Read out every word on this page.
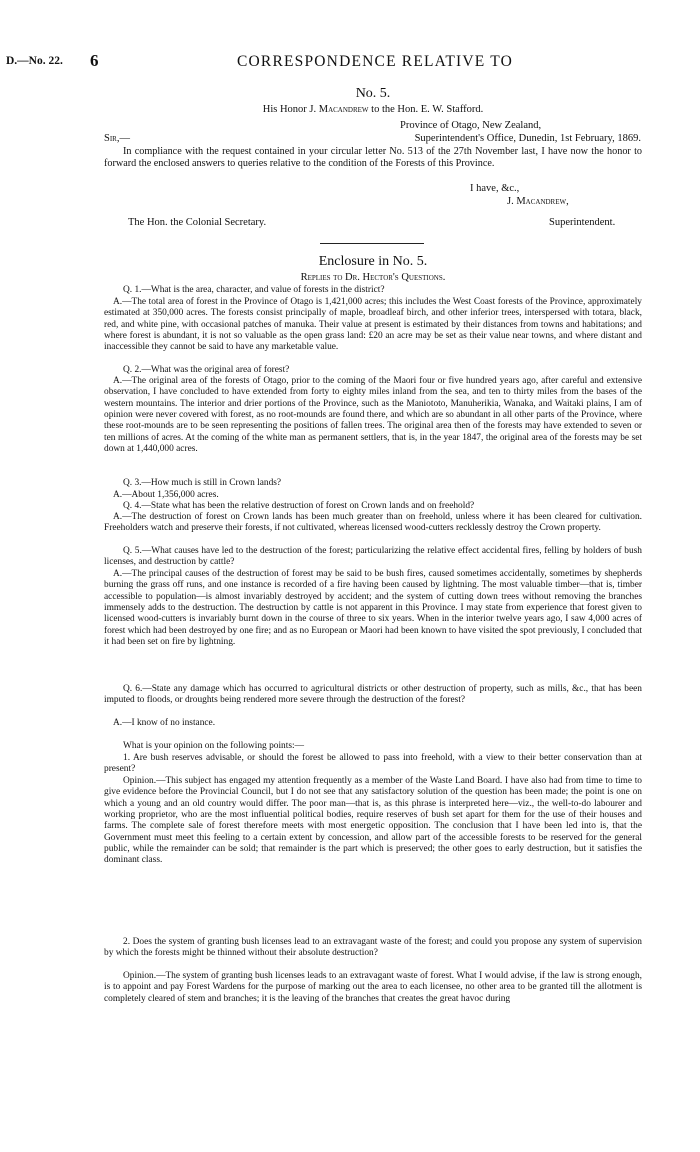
D.—No. 22. 6	CORRESPONDENCE RELATIVE TO
No. 5.
His Honor J. Macandrew to the Hon. E. W. Stafford.
Province of Otago, New Zealand,
Sir,—	Superintendent's Office, Dunedin, 1st February, 1869.

In compliance with the request contained in your circular letter No. 513 of the 27th November last, I have now the honor to forward the enclosed answers to queries relative to the condition of the Forests of this Province.

I have, &c.,
J. Macandrew,
The Hon. the Colonial Secretary.	Superintendent.
Enclosure in No. 5.
Replies to Dr. Hector's Questions.

Q. 1.—What is the area, character, and value of forests in the district?

A.—The total area of forest in the Province of Otago is 1,421,000 acres; this includes the West Coast forests of the Province, approximately estimated at 350,000 acres. The forests consist principally of maple, broadleaf birch, and other inferior trees, interspersed with totara, black, red, and white pine, with occasional patches of manuka. Their value at present is estimated by their distances from towns and habitations; and where forest is abundant, it is not so valuable as the open grass land: £20 an acre may be set as their value near towns, and where distant and inaccessible they cannot be said to have any marketable value.

Q. 2.—What was the original area of forest?

A.—The original area of the forests of Otago, prior to the coming of the Maori four or five hundred years ago, after careful and extensive observation, I have concluded to have extended from forty to eighty miles inland from the sea, and ten to thirty miles from the bases of the western mountains. The interior and drier portions of the Province, such as the Maniototo, Manuherikia, Wanaka, and Waitaki plains, I am of opinion were never covered with forest, as no root-mounds are found there, and which are so abundant in all other parts of the Province, where these root-mounds are to be seen representing the positions of fallen trees. The original area then of the forests may have extended to seven or ten millions of acres. At the coming of the white man as permanent settlers, that is, in the year 1847, the original area of the forests may be set down at 1,440,000 acres.

Q. 3.—How much is still in Crown lands?

A.—About 1,356,000 acres.

Q. 4.—State what has been the relative destruction of forest on Crown lands and on freehold?

A.—The destruction of forest on Crown lands has been much greater than on freehold, unless where it has been cleared for cultivation. Freeholders watch and preserve their forests, if not cultivated, whereas licensed wood-cutters recklessly destroy the Crown property.

Q. 5.—What causes have led to the destruction of the forest; particularizing the relative effect accidental fires, felling by holders of bush licenses, and destruction by cattle?

A.—The principal causes of the destruction of forest may be said to be bush fires, caused sometimes accidentally, sometimes by shepherds burning the grass off runs, and one instance is recorded of a fire having been caused by lightning. The most valuable timber—that is, timber accessible to population—is almost invariably destroyed by accident; and the system of cutting down trees without removing the branches immensely adds to the destruction. The destruction by cattle is not apparent in this Province. I may state from experience that forest given to licensed wood-cutters is invariably burnt down in the course of three to six years. When in the interior twelve years ago, I saw 4,000 acres of forest which had been destroyed by one fire; and as no European or Maori had been known to have visited the spot previously, I concluded that it had been set on fire by lightning.

Q. 6.—State any damage which has occurred to agricultural districts or other destruction of property, such as mills, &c., that has been imputed to floods, or droughts being rendered more severe through the destruction of the forest?

A.—I know of no instance.

What is your opinion on the following points:—

1. Are bush reserves advisable, or should the forest be allowed to pass into freehold, with a view to their better conservation than at present?

Opinion.—This subject has engaged my attention frequently as a member of the Waste Land Board. I have also had from time to time to give evidence before the Provincial Council, but I do not see that any satisfactory solution of the question has been made; the point is one on which a young and an old country would differ. The poor man—that is, as this phrase is interpreted here—viz., the well-to-do labourer and working proprietor, who are the most influential political bodies, require reserves of bush set apart for them for the use of their houses and farms. The complete sale of forest therefore meets with most energetic opposition. The conclusion that I have been led into is, that the Government must meet this feeling to a certain extent by concession, and allow part of the accessible forests to be reserved for the general public, while the remainder can be sold; that remainder is the part which is preserved; the other goes to early destruction, but it satisfies the dominant class.

2. Does the system of granting bush licenses lead to an extravagant waste of the forest; and could you propose any system of supervision by which the forests might be thinned without their absolute destruction?

Opinion.—The system of granting bush licenses leads to an extravagant waste of forest. What I would advise, if the law is strong enough, is to appoint and pay Forest Wardens for the purpose of marking out the area to each licensee, no other area to be granted till the allotment is completely cleared of stem and branches; it is the leaving of the branches that creates the great havoc during
